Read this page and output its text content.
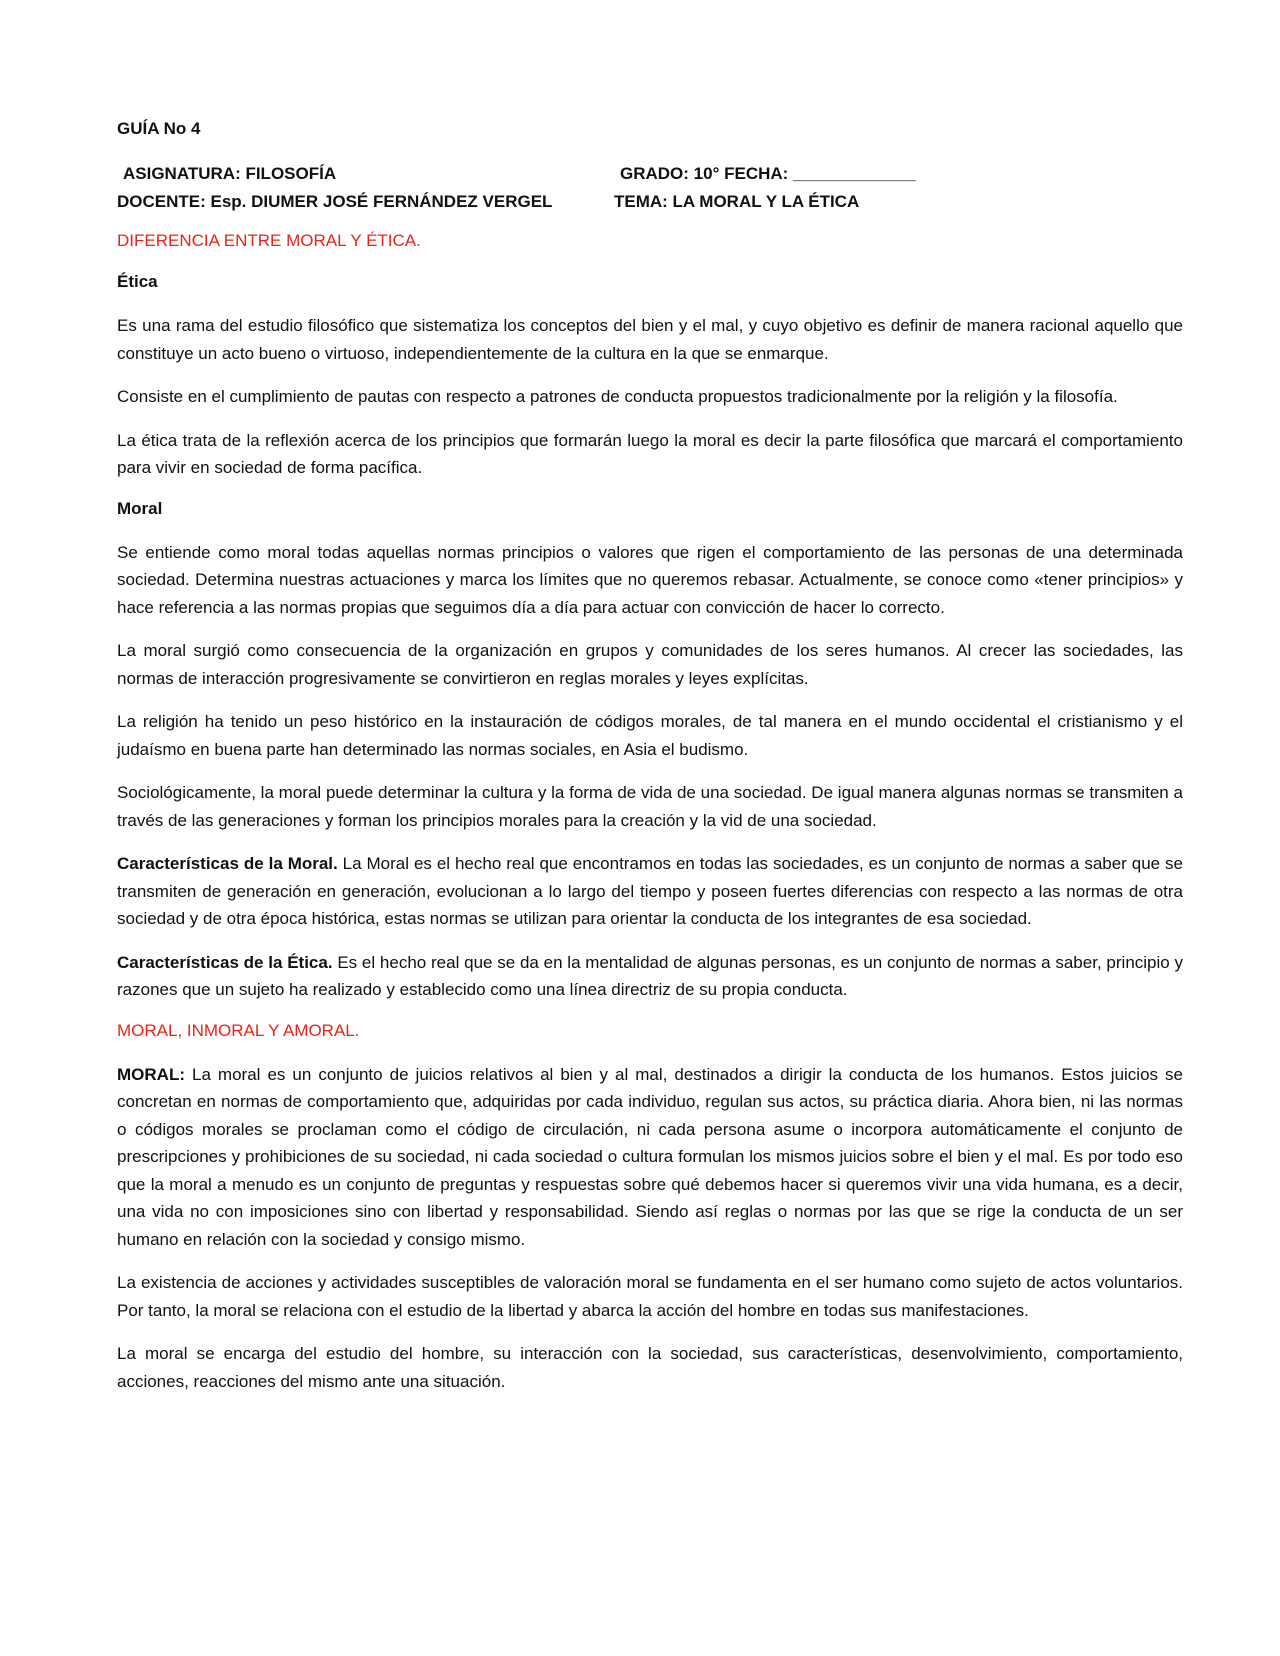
GUÍA No 4
ASIGNATURA: FILOSOFÍA	GRADO: 10° FECHA: _____________
DOCENTE: Esp. DIUMER JOSÉ FERNÁNDEZ VERGEL	TEMA: LA MORAL Y LA ÉTICA
DIFERENCIA ENTRE MORAL Y ÉTICA.
Ética

Es una rama del estudio filosófico que sistematiza los conceptos del bien y el mal, y cuyo objetivo es definir de manera racional aquello que constituye un acto bueno o virtuoso, independientemente de la cultura en la que se enmarque.

Consiste en el cumplimiento de pautas con respecto a patrones de conducta propuestos tradicionalmente por la religión y la filosofía.

La ética trata de la reflexión acerca de los principios que formarán luego la moral es decir la parte filosófica que marcará el comportamiento para vivir en sociedad de forma pacífica.

Moral

Se entiende como moral todas aquellas normas principios o valores que rigen el comportamiento de las personas de una determinada sociedad. Determina nuestras actuaciones y marca los límites que no queremos rebasar. Actualmente, se conoce como «tener principios» y hace referencia a las normas propias que seguimos día a día para actuar con convicción de hacer lo correcto.

La moral surgió como consecuencia de la organización en grupos y comunidades de los seres humanos. Al crecer las sociedades, las normas de interacción progresivamente se convirtieron en reglas morales y leyes explícitas.

La religión ha tenido un peso histórico en la instauración de códigos morales, de tal manera en el mundo occidental el cristianismo y el judaísmo en buena parte han determinado las normas sociales, en Asia el budismo.

Sociológicamente, la moral puede determinar la cultura y la forma de vida de una sociedad. De igual manera algunas normas se transmiten a través de las generaciones y forman los principios morales para la creación y la vid de una sociedad.

Características de la Moral. La Moral es el hecho real que encontramos en todas las sociedades, es un conjunto de normas a saber que se transmiten de generación en generación, evolucionan a lo largo del tiempo y poseen fuertes diferencias con respecto a las normas de otra sociedad y de otra época histórica, estas normas se utilizan para orientar la conducta de los integrantes de esa sociedad.

Características de la Ética. Es el hecho real que se da en la mentalidad de algunas personas, es un conjunto de normas a saber, principio y razones que un sujeto ha realizado y establecido como una línea directriz de su propia conducta.

MORAL, INMORAL Y AMORAL.

MORAL: La moral es un conjunto de juicios relativos al bien y al mal, destinados a dirigir la conducta de los humanos. Estos juicios se concretan en normas de comportamiento que, adquiridas por cada individuo, regulan sus actos, su práctica diaria. Ahora bien, ni las normas o códigos morales se proclaman como el código de circulación, ni cada persona asume o incorpora automáticamente el conjunto de prescripciones y prohibiciones de su sociedad, ni cada sociedad o cultura formulan los mismos juicios sobre el bien y el mal. Es por todo eso que la moral a menudo es un conjunto de preguntas y respuestas sobre qué debemos hacer si queremos vivir una vida humana, es a decir, una vida no con imposiciones sino con libertad y responsabilidad. Siendo así reglas o normas por las que se rige la conducta de un ser humano en relación con la sociedad y consigo mismo.

La existencia de acciones y actividades susceptibles de valoración moral se fundamenta en el ser humano como sujeto de actos voluntarios. Por tanto, la moral se relaciona con el estudio de la libertad y abarca la acción del hombre en todas sus manifestaciones.

La moral se encarga del estudio del hombre, su interacción con la sociedad, sus características, desenvolvimiento, comportamiento, acciones, reacciones del mismo ante una situación.
